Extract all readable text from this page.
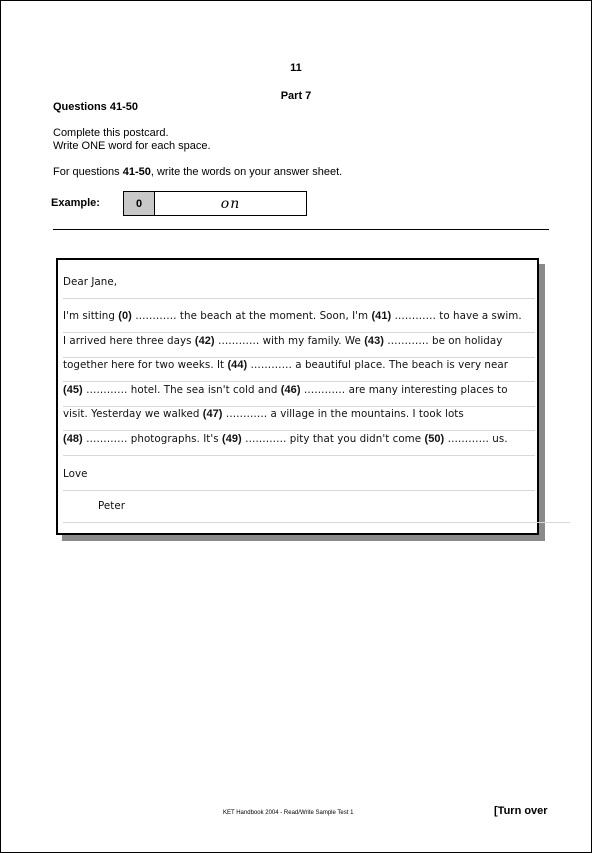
11
Part 7
Questions 41-50
Complete this postcard.
Write ONE word for each space.
For questions 41-50, write the words on your answer sheet.
Example:	0	on
Dear Jane,
I'm sitting (0) ………… the beach at the moment. Soon, I'm (41) ………… to have a swim.
I arrived here three days (42) ………… with my family. We (43) ………… be on holiday
together here for two weeks. It (44) ………… a beautiful place. The beach is very near
(45) ………… hotel. The sea isn't cold and (46) ………… are many interesting places to
visit. Yesterday we walked (47) ………… a village in the mountains. I took lots
(48) ………… photographs. It's (49) ………… pity that you didn't come (50) ………… us.
Love
Peter
KET Handbook 2004 - Read/Write Sample Test 1	[Turn over
